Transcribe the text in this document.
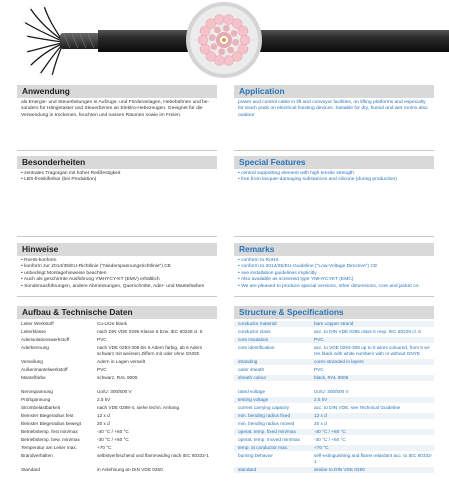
Anwendung	Application
als Energie- und Steuerleitungen in Aufzugs- und Förderanlagen, Hebebühnen und be-
sonders für Hängetaster und Steuerbirnen an Elektro-Hebezeugen. Geeignet für die
Verwendung in trockenen, feuchten und nassen Räumen sowie im Freien.
power and control cable in lift and conveyor facilities, on lifting platforms and especially
for teach pads on electrical hoisting devices. Suitable for dry, humid and wet rooms also
outdoor
Besonderheiten	Special Features
• zentrales Tragorgan mit hoher Reißfestigkeit
• LBS-freiskiferbar (bei Produktion)
• central supporting element with high tensile strength
• free from lacquer-damaging substances and silicone (during production)
Hinweise	Remarks
• RoHS-konform
• konform zur 2014/35/EU-Richtlinie ("Niederspannungsrichtlinie") CE
• unbedingt Montagehinweise beachten
• Auch als geschirmte Ausführung YMHYCY-KT (EMV) erhältlich
• Sonderausführungen, andere Abmessungen, Querschnitte, Ader- und Manteltarben
• conform to RoHS
• conform to 2014/35/EU-Guideline ("Low-Voltage Directive") CE
• see installation guidelines implicitly
• Also available as screened type YMHYCYKT (EMC)
• We are pleased to produce special versions, other dimensions, core and jacket co-
Aufbau & Technische Daten	Structure & Specifications
Leiter Werkstoff	Cu-Litze blank
Leiterklasse	nach DIN VDE 0295 Klasse 6 bzw. IEC 60228 cl. 6
Aderisolationswerkstoff	PVC
Aderkennung	nach VDE 0293-308 bis 5 Adern farbig, ab 6 Adern schwarz mit weissen Ziffern mit oder ohne GNGE
Verseilung	Adern in Lagen verseilt
Außenmantelwerkstoff	PVC
Mantelfarbe	schwarz, RAL 9005
Nennspannung	Uo/U: 300/500 V
Prüfspannung	2.5 kV
Strombelastbarkeit	nach VDE 0298-4, siehe techn. Anhang
kleinster Biegeradius fest	12 x d
kleinster Biegeradius bewegt	20 x d
Betriebstemp. fest min/max	-40 °C / +60 °C
Betriebstemp. bew. min/max	-30 °C / +60 °C
Temperatur am Leiter max.	+70 °C
Brandverhalten	selbstverlöschend und flammwidrig nach IEC 60332-1
Standard	in Anlehnung an DIN VDE 0250
conductor material	bare copper strand
conductor class	acc. to DIN VDE 0295 class 6 resp. IEC 60228 cl. 6
core insulation	PVC
core identification	acc. to VDE 0293-308 up to 5 wires coloured, from 6 wi-res black with white numbers with or without GNYE
stranding	cores stranded in layers
outer sheath	PVC
sheath colour	black, RAL 9005
rated voltage	Uo/U: 300/500 V
testing voltage	2.5 kV
current carrying capacity	acc. to DIN VDE, see Technical Guideline
min. bending radius fixed	12 x d
min. bending radius moved	20 x d
operat. temp. fixed min/max	-40 °C / +60 °C
operat. temp. moved min/max	-30 °C / +60 °C
temp. at conductor max.	+70 °C
burning behavior	self-extinguishing and flame retardant acc. to IEC 60332-1
standard	similar to DIN VDE 0250
